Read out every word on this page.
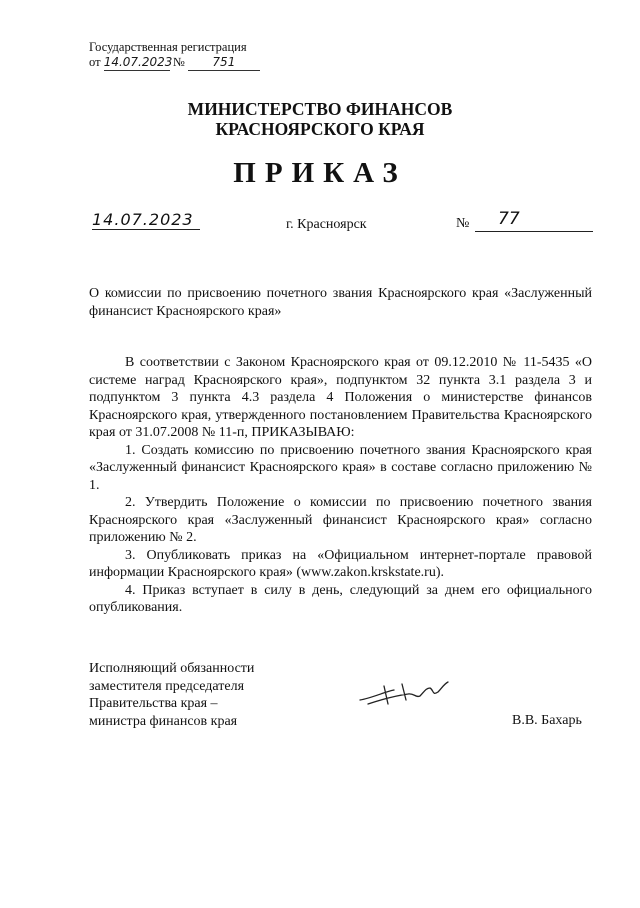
Государственная регистрация
от 14.07.2023 № 751
МИНИСТЕРСТВО ФИНАНСОВ
КРАСНОЯРСКОГО КРАЯ
ПРИКАЗ
14.07.2023	г. Красноярск	№ 77
О комиссии по присвоению почетного звания Красноярского края «Заслуженный финансист Красноярского края»

В соответствии с Законом Красноярского края от 09.12.2010 № 11-5435 «О системе наград Красноярского края», подпунктом 32 пункта 3.1 раздела 3 и подпунктом 3 пункта 4.3 раздела 4 Положения о министерстве финансов Красноярского края, утвержденного постановлением Правительства Красноярского края от 31.07.2008 № 11-п, ПРИКАЗЫВАЮ:

1. Создать комиссию по присвоению почетного звания Красноярского края «Заслуженный финансист Красноярского края» в составе согласно приложению № 1.

2. Утвердить Положение о комиссии по присвоению почетного звания Красноярского края «Заслуженный финансист Красноярского края» согласно приложению № 2.

3. Опубликовать приказ на «Официальном интернет-портале правовой информации Красноярского края» (www.zakon.krskstate.ru).

4. Приказ вступает в силу в день, следующий за днем его официального опубликования.

Исполняющий обязанности
заместителя председателя
Правительства края –
министра финансов края	В.В. Бахарь
